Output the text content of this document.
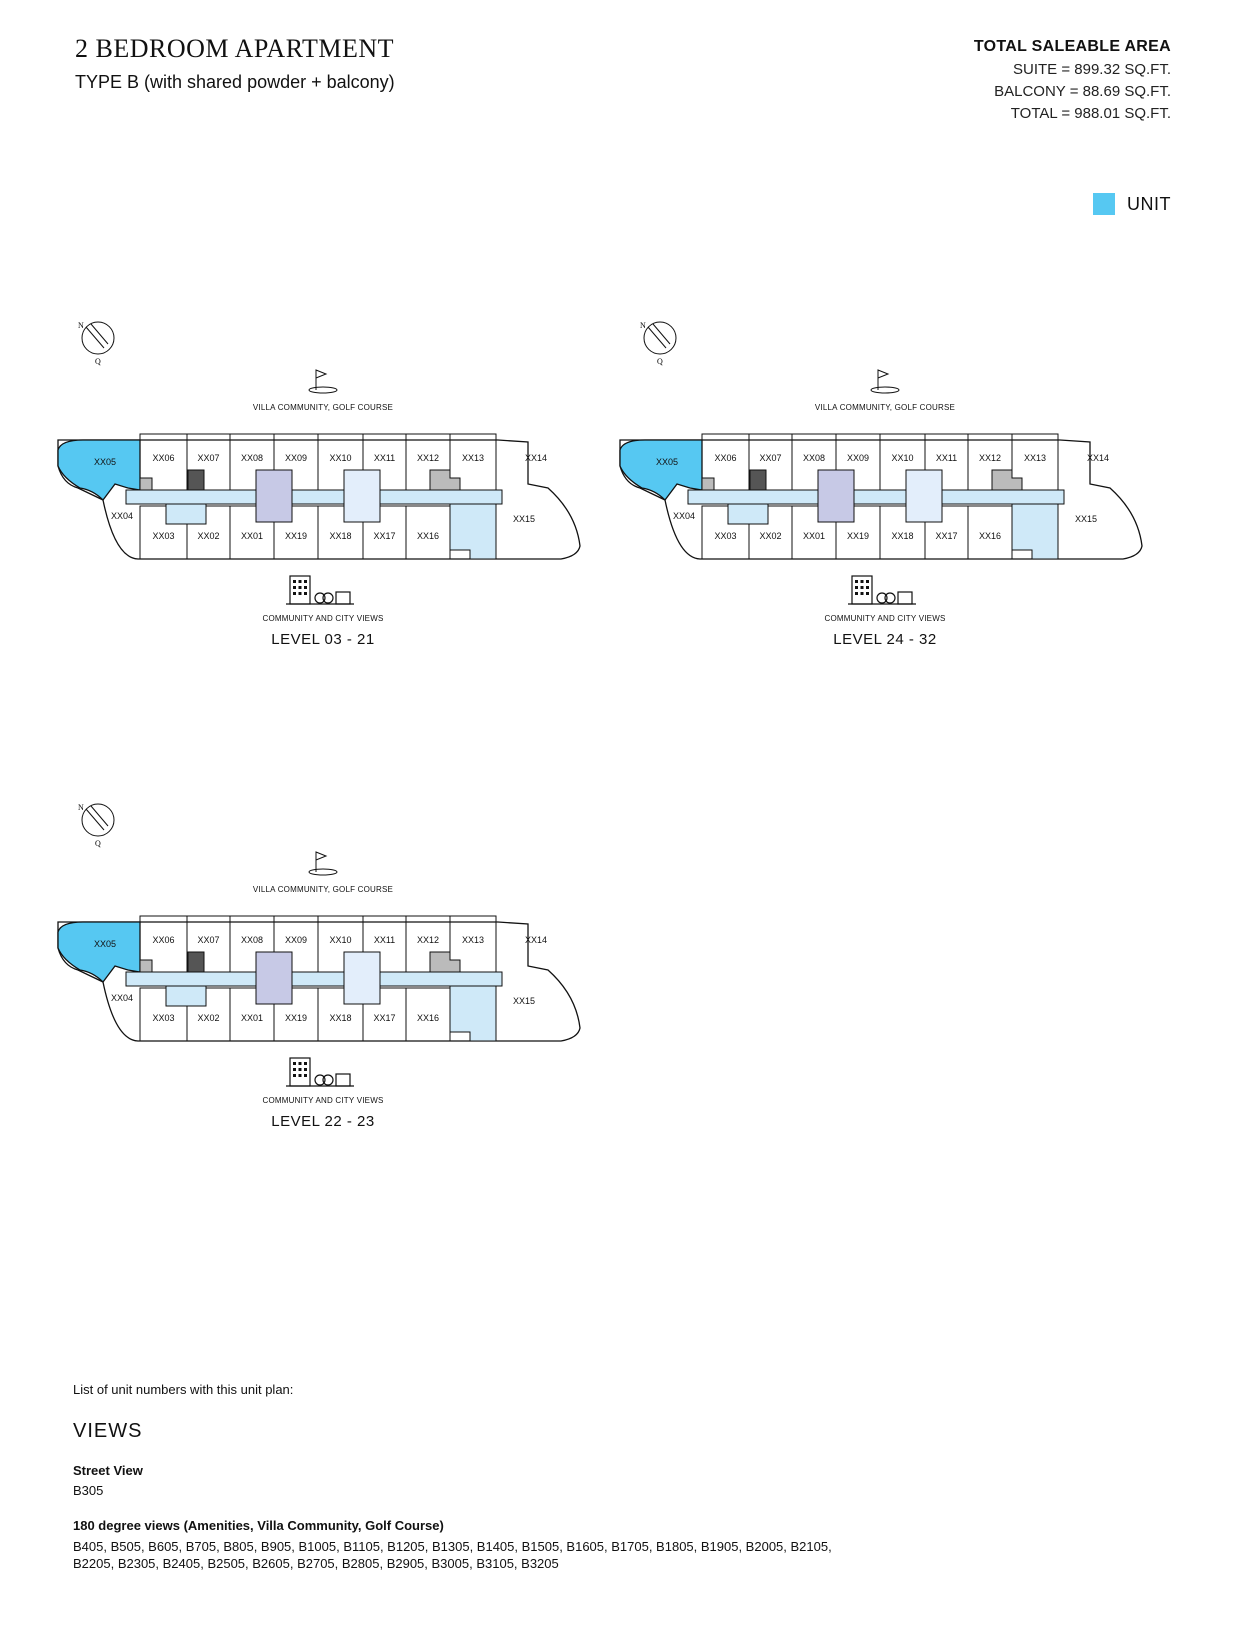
2 BEDROOM APARTMENT
TYPE B (with shared powder + balcony)
TOTAL SALEABLE AREA
SUITE = 899.32 SQ.FT.
BALCONY = 88.69 SQ.FT.
TOTAL = 988.01 SQ.FT.
UNIT
N
Q
XX06	XX07 XX08 XX09 XX10 XX11 XX12	XX13
XX03	XX02 XX01 XX19 XX18 XX17 XX16
XX14
XX15
XX05
XX04
VILLA COMMUNITY, GOLF COURSE
COMMUNITY AND CITY VIEWS
LEVEL 03 - 21
N
Q
XX06	XX07 XX08 XX09 XX10 XX11 XX12	XX13
XX03	XX02 XX01 XX19 XX18 XX17 XX16
XX14
XX15
XX05
XX04
VILLA COMMUNITY, GOLF COURSE
COMMUNITY AND CITY VIEWS
LEVEL 24 - 32
N
Q
XX06	XX07 XX08 XX09 XX10 XX11 XX12	XX13
XX03	XX02 XX01 XX19 XX18 XX17 XX16
XX14
XX15
XX05
XX04
VILLA COMMUNITY, GOLF COURSE
COMMUNITY AND CITY VIEWS
LEVEL 22 - 23
List of unit numbers with this unit plan:
VIEWS
Street View
B305
180 degree views (Amenities, Villa Community, Golf Course)
B405, B505, B605, B705, B805, B905, B1005, B1105, B1205, B1305, B1405, B1505, B1605, B1705, B1805, B1905, B2005, B2105, B2205, B2305, B2405, B2505, B2605, B2705, B2805, B2905, B3005, B3105, B3205
